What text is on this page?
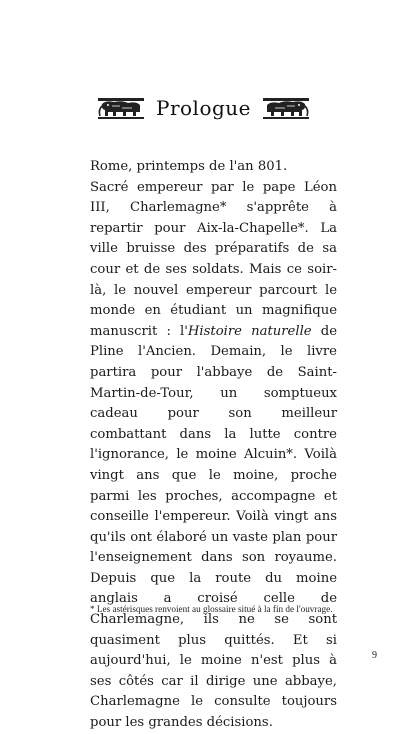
Prologue

Rome, printemps de l'an 801.

Sacré empereur par le pape Léon III, Charlemagne* s'apprête à repartir pour Aix-la-Chapelle*. La ville bruisse des préparatifs de sa cour et de ses soldats. Mais ce soir-là, le nouvel empereur parcourt le monde en étudiant un magnifique manuscrit : l'Histoire naturelle de Pline l'Ancien. Demain, le livre partira pour l'abbaye de Saint-Martin-de-Tour, un somptueux cadeau pour son meilleur combattant dans la lutte contre l'ignorance, le moine Alcuin*. Voilà vingt ans que le moine, proche parmi les proches, accompagne et conseille l'empereur. Voilà vingt ans qu'ils ont élaboré un vaste plan pour l'enseignement dans son royaume. Depuis que la route du moine anglais a croisé celle de Charlemagne, ils ne se sont quasiment plus quittés. Et si aujourd'hui, le moine n'est plus à ses côtés car il dirige une abbaye, Charlemagne le consulte toujours pour les grandes décisions.

* Les astérisques renvoient au glossaire situé à la fin de l'ouvrage.
9
